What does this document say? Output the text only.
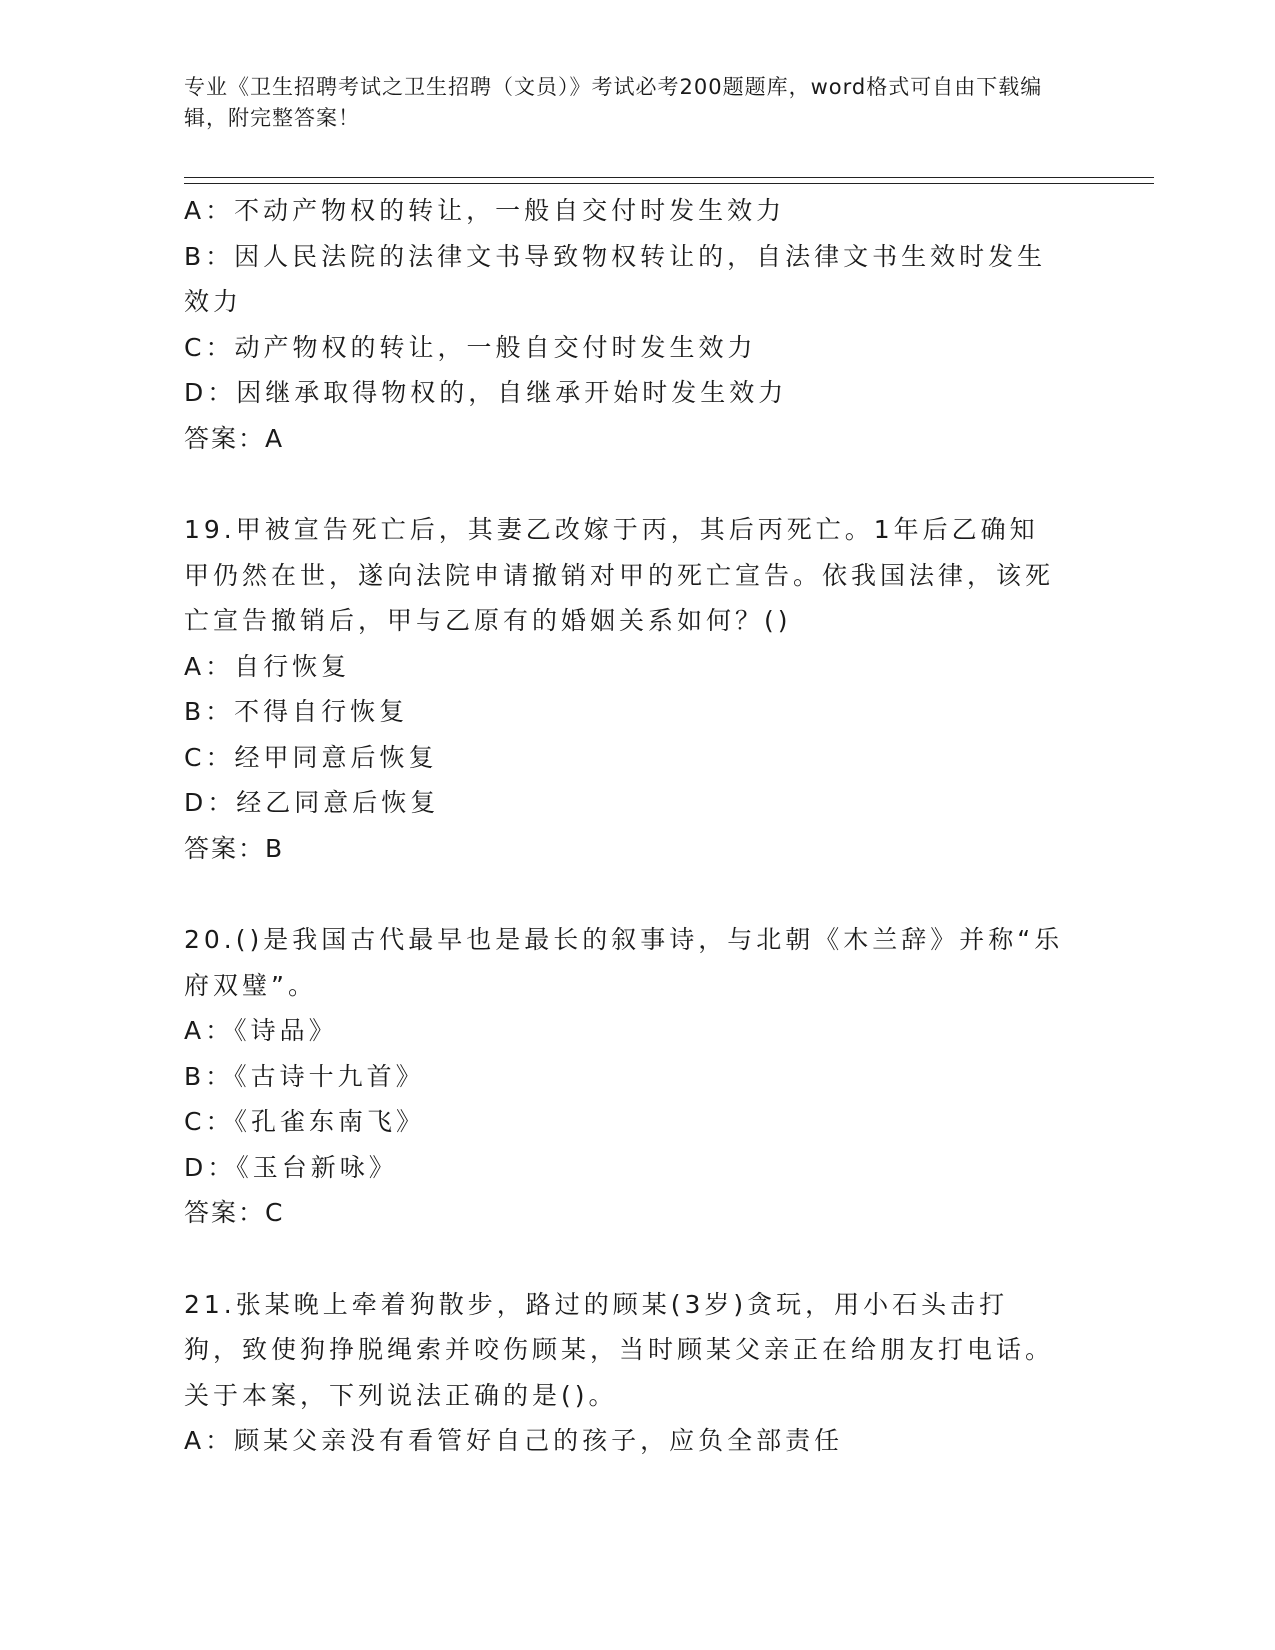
专业《卫生招聘考试之卫生招聘（文员）》考试必考200题题库，word格式可自由下载编辑，附完整答案！

A：不动产物权的转让，一般自交付时发生效力

B：因人民法院的法律文书导致物权转让的，自法律文书生效时发生效力

C：动产物权的转让，一般自交付时发生效力

D：因继承取得物权的，自继承开始时发生效力

答案：A

19.甲被宣告死亡后，其妻乙改嫁于丙，其后丙死亡。1年后乙确知甲仍然在世，遂向法院申请撤销对甲的死亡宣告。依我国法律，该死亡宣告撤销后，甲与乙原有的婚姻关系如何？()

A：自行恢复

B：不得自行恢复

C：经甲同意后恢复

D：经乙同意后恢复

答案：B

20.()是我国古代最早也是最长的叙事诗，与北朝《木兰辞》并称“乐府双璧”。

A：《诗品》

B：《古诗十九首》

C：《孔雀东南飞》

D：《玉台新咏》

答案：C

21.张某晚上牵着狗散步，路过的顾某(3岁)贪玩，用小石头击打狗，致使狗挣脱绳索并咬伤顾某，当时顾某父亲正在给朋友打电话。关于本案，下列说法正确的是()。

A：顾某父亲没有看管好自己的孩子，应负全部责任
